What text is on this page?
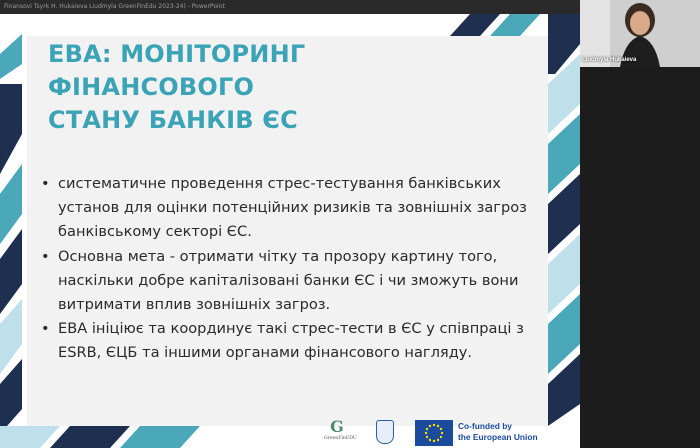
Finansovi Tsyrk H. Hukaieva Liudmyla GreenFinEdu 2023-24) - PowerPoint
ЕВА: МОНІТОРИНГ ФІНАНСОВОГО
СТАНУ БАНКІВ ЄС
• систематичне проведення стрес-тестування банківських
установ для оцінки потенційних ризиків та зовнішніх загроз
банківському секторі ЄС.
• Основна мета - отримати чітку та прозору картину того,
наскільки добре капіталізовані банки ЄС і чи зможуть вони
витримати вплив зовнішніх загроз.
• ЕВА ініціює та координує такі стрес-тести в ЄС у співпраці з
ESRB, ЄЦБ та іншими органами фінансового нагляду.
G
GreenFinEDU
Co-funded by
the European Union
Liudmyla Hukaieva
